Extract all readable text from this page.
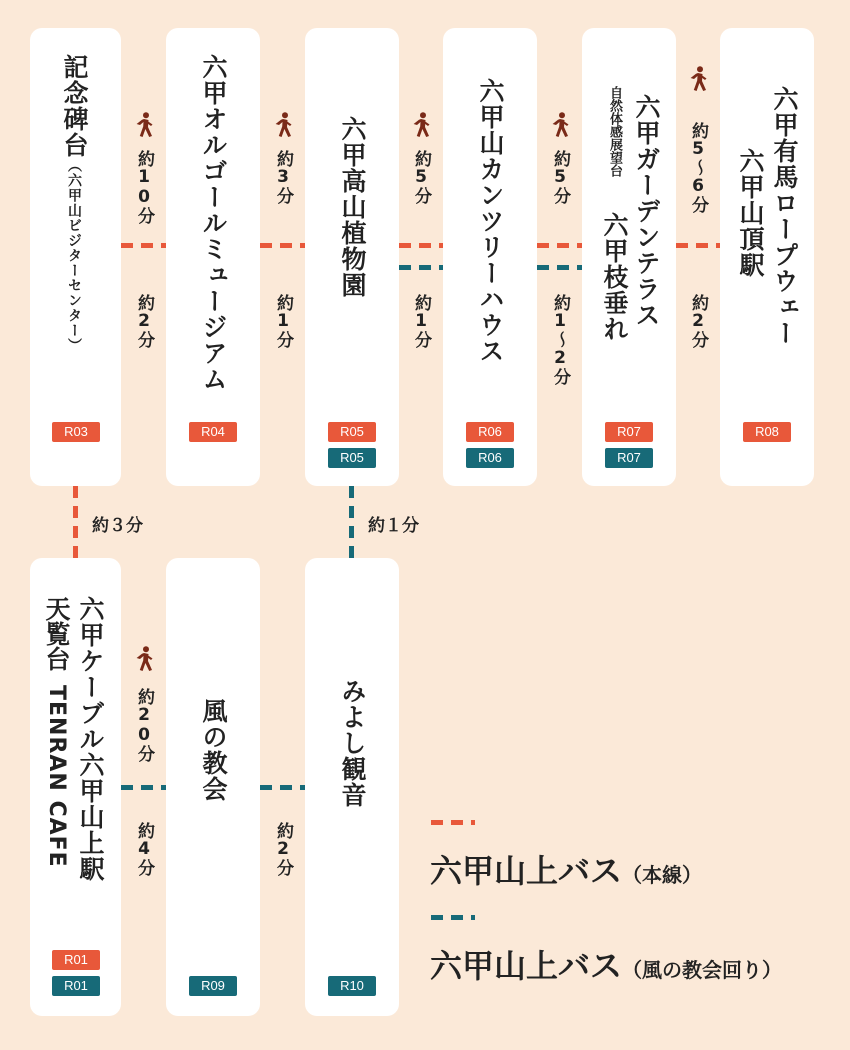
記念碑台（六甲山ビジターセンター）
R03
六甲オルゴールミュージアム
R04
六甲高山植物園
R05
R05
六甲山カンツリーハウス
R06
R06
六甲ガーデンテラス
自然体感展望台
六甲枝垂れ
R07
R07
六甲有馬ロープウェー
六甲山頂駅
R08
六甲ケーブル六甲山上駅
天覧台TENRAN CAFE
R01
R01
風の教会
R09
みよし観音
R10
約10分
約2分
約3分
約1分
約5分
約1分
約5分
約1～2分
約5～6分
約2分
約３分	約１分
約20分
約4分	約2分	六甲山上バス（本線）
六甲山上バス（風の教会回り）
